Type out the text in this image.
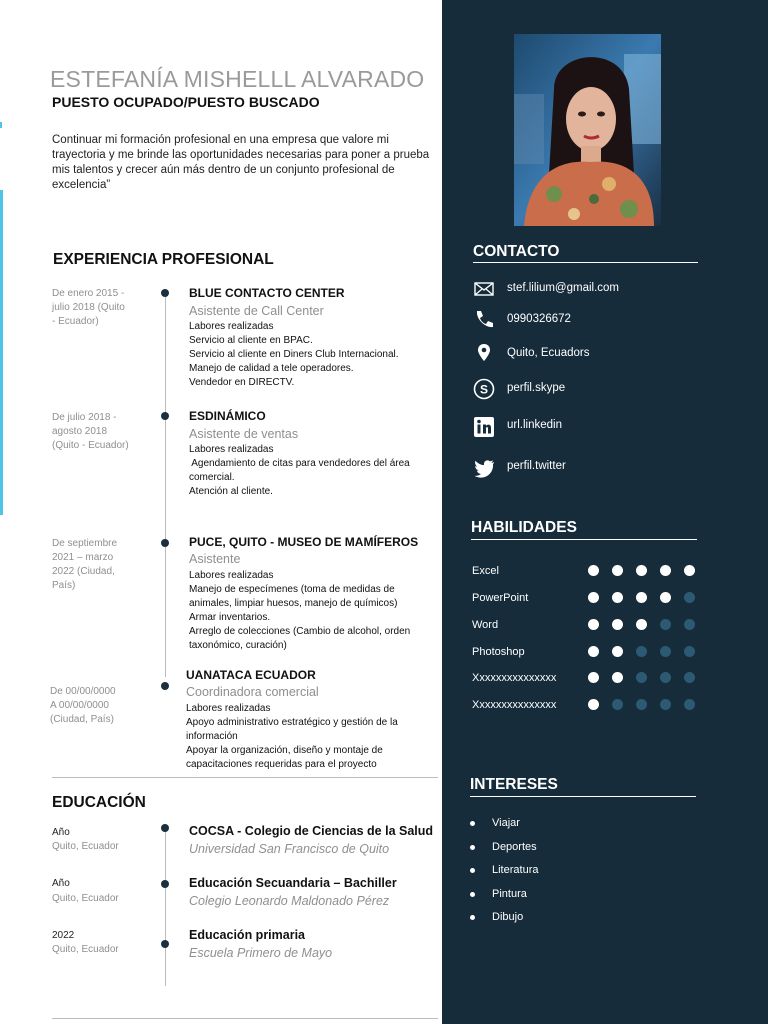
ESTEFANÍA MISHELLL ALVARADO
PUESTO OCUPADO/PUESTO BUSCADO
Continuar mi formación profesional en una empresa que valore mi trayectoria y me brinde las oportunidades necesarias para poner a prueba mis talentos y crecer aún más dentro de un conjunto profesional de excelencia”
EXPERIENCIA PROFESIONAL
De enero 2015 -
julio 2018 (Quito
- Ecuador)
BLUE CONTACTO CENTER
Asistente de Call Center
Labores realizadas
Servicio al cliente en BPAC.
Servicio al cliente en Diners Club Internacional.
Manejo de calidad a tele operadores.
Vendedor en DIRECTV.
De julio 2018 -
agosto 2018
(Quito - Ecuador)
ESDINÁMICO
Asistente de ventas
Labores realizadas
Agendamiento de citas para vendedores del área
comercial.
Atención al cliente.
De septiembre
2021 – marzo
2022 (Ciudad,
País)
PUCE, QUITO - MUSEO DE MAMÍFEROS
Asistente
Labores realizadas
Manejo de especímenes (toma de medidas de
animales, limpiar huesos, manejo de químicos)
Armar inventarios.
Arreglo de colecciones (Cambio de alcohol, orden
taxonómico, curación)
De 00/00/0000
A 00/00/0000
(Ciudad, País)
UANATACA ECUADOR
Coordinadora comercial
Labores realizadas
Apoyo administrativo estratégico y gestión de la
información
Apoyar la organización, diseño y montaje de
capacitaciones requeridas para el proyecto
EDUCACIÓN
Año
Quito, Ecuador
COCSA - Colegio de Ciencias de la Salud
Universidad San Francisco de Quito
Año
Quito, Ecuador
Educación Secuandaria – Bachiller
Colegio Leonardo Maldonado Pérez
2022
Quito, Ecuador
Educación primaria
Escuela Primero de Mayo
CONTACTO
stef.lilium@gmail.com
0990326672
Quito, Ecuadors
S perfil.skype
url.linkedin
perfil.twitter
HABILIDADES
Excel
PowerPoint
Word
Photoshop
Xxxxxxxxxxxxxxx
Xxxxxxxxxxxxxxx
INTERESES
Viajar
Deportes
Literatura
Pintura
Dibujo
